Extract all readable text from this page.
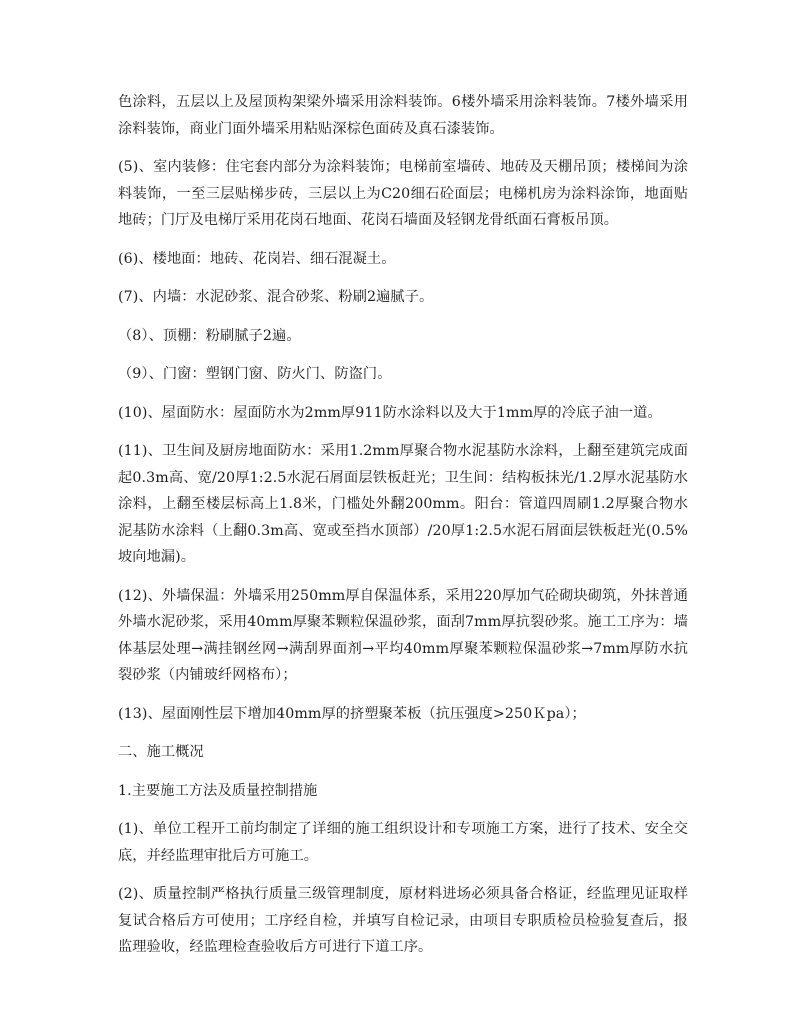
色涂料，五层以上及屋顶构架梁外墙采用涂料装饰。6楼外墙采用涂料装饰。7楼外墙采用涂料装饰，商业门面外墙采用粘贴深棕色面砖及真石漆装饰。

(5)、室内装修：住宅套内部分为涂料装饰；电梯前室墙砖、地砖及天棚吊顶；楼梯间为涂料装饰，一至三层贴梯步砖，三层以上为C20细石砼面层；电梯机房为涂料涂饰，地面贴地砖；门厅及电梯厅采用花岗石地面、花岗石墙面及轻钢龙骨纸面石膏板吊顶。

(6)、楼地面：地砖、花岗岩、细石混凝土。

(7)、内墙：水泥砂浆、混合砂浆、粉刷2遍腻子。

（8）、顶棚：粉刷腻子2遍。

（9）、门窗：塑钢门窗、防火门、防盗门。

(10)、屋面防水：屋面防水为2mm厚911防水涂料以及大于1mm厚的冷底子油一道。

(11)、卫生间及厨房地面防水：采用1.2mm厚聚合物水泥基防水涂料，上翻至建筑完成面起0.3m高、宽/20厚1:2.5水泥石屑面层铁板赶光；卫生间：结构板抹光/1.2厚水泥基防水涂料，上翻至楼层标高上1.8米，门槛处外翻200mm。阳台：管道四周刷1.2厚聚合物水泥基防水涂料（上翻0.3m高、宽或至挡水顶部）/20厚1:2.5水泥石屑面层铁板赶光(0.5%坡向地漏)。

(12)、外墙保温：外墙采用250mm厚自保温体系，采用220厚加气砼砌块砌筑，外抹普通外墙水泥砂浆，采用40mm厚聚苯颗粒保温砂浆，面刮7mm厚抗裂砂浆。施工工序为：墙体基层处理→满挂钢丝网→满刮界面剂→平均40mm厚聚苯颗粒保温砂浆→7mm厚防水抗裂砂浆（内铺玻纤网格布）；

(13)、屋面刚性层下增加40mm厚的挤塑聚苯板（抗压强度>250Ｋpa）；

二、施工概况

1.主要施工方法及质量控制措施

(1)、单位工程开工前均制定了详细的施工组织设计和专项施工方案，进行了技术、安全交底，并经监理审批后方可施工。

(2)、质量控制严格执行质量三级管理制度，原材料进场必须具备合格证，经监理见证取样复试合格后方可使用；工序经自检，并填写自检记录，由项目专职质检员检验复查后，报监理验收，经监理检查验收后方可进行下道工序。
